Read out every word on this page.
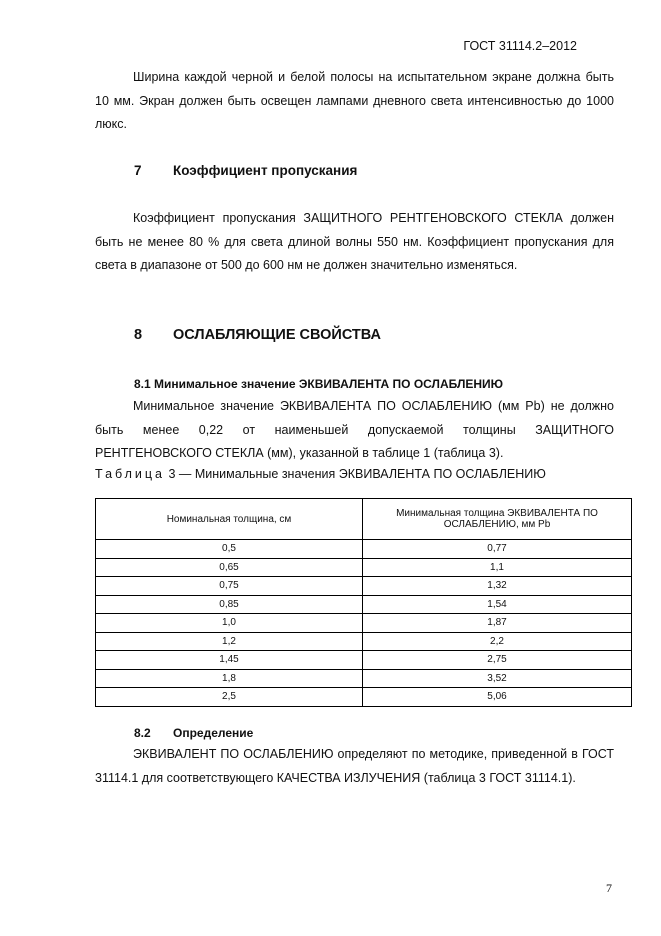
ГОСТ 31114.2–2012
Ширина каждой черной и белой полосы на испытательном экране должна быть 10 мм. Экран должен быть освещен лампами дневного света интенсивностью до 1000 люкс.
7 Коэффициент пропускания
Коэффициент пропускания ЗАЩИТНОГО РЕНТГЕНОВСКОГО СТЕКЛА должен быть не менее 80 % для света длиной волны 550 нм. Коэффициент пропускания для света в диапазоне от 500 до 600 нм не должен значительно изменяться.
8 ОСЛАБЛЯЮЩИЕ СВОЙСТВА
8.1 Минимальное значение ЭКВИВАЛЕНТА ПО ОСЛАБЛЕНИЮ
Минимальное значение ЭКВИВАЛЕНТА ПО ОСЛАБЛЕНИЮ (мм Pb) не должно быть менее 0,22 от наименьшей допускаемой толщины ЗАЩИТНОГО РЕНТГЕНОВСКОГО СТЕКЛА (мм), указанной в таблице 1 (таблица 3).
Таблица 3 — Минимальные значения ЭКВИВАЛЕНТА ПО ОСЛАБЛЕНИЮ
Номинальная толщина, см	Минимальная толщина ЭКВИВАЛЕНТА ПО ОСЛАБЛЕНИЮ, мм Pb
0,5	0,77
0,65	1,1
0,75	1,32
0,85	1,54
1,0	1,87
1,2	2,2
1,45	2,75
1,8	3,52
2,5	5,06
8.2 Определение
ЭКВИВАЛЕНТ ПО ОСЛАБЛЕНИЮ определяют по методике, приведенной в ГОСТ 31114.1 для соответствующего КАЧЕСТВА ИЗЛУЧЕНИЯ (таблица 3 ГОСТ 31114.1).
7
